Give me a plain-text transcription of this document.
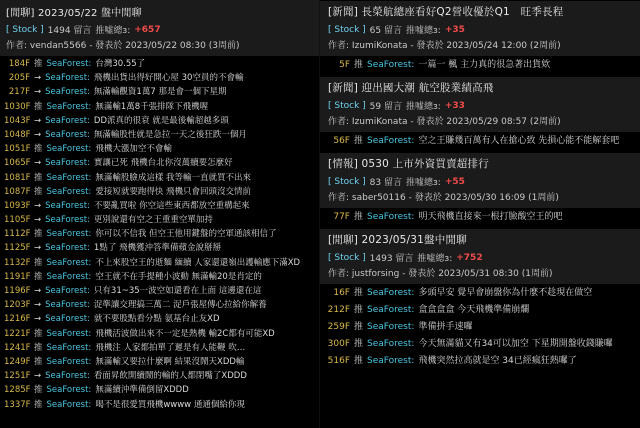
[閒聊] 2023/05/22 盤中閒聊
[ Stock ] 1494 留言 推噓總з: +657
作者: vendan5566 - 發表於 2023/05/22 08:30 (3周前)
184F 推 SeaForest: 台灣30.55了
205F → SeaForest: 飛機出貨出得好開心屋 30空員的不會輸
217F → SeaForest: 無滿輸觀資1萬7 那是會一個下星期
1030F 推 SeaForest: 無滿輸1萬8千張排隊下飛機喔
1043F → SeaForest: DD派真的很衰 就是最後輸超越多頭
1048F → SeaForest: 無滿輸股性就是急拉一天之後狂跌一個月
1051F 推 SeaForest: 飛機大漲加空不會輸
1065F → SeaForest: 實讓已死 飛機台北你沒萬續要怎麼好
1081F 推 SeaForest: 無滿輸股臉成這樣 我等輸一直就買不出來
1087F 推 SeaForest: 愛接短就要跑得快 飛機只會回頭沒交情前
1093F → SeaForest: 不要亂買啦 你空這些東西都放空重構起來
1105F → SeaForest: 更別說還有空之王重重空單加持
1112F 推 SeaForest: 你可以不信我 但空王他用鍵盤的空軍通該相信了
1125F → SeaForest: 1點了 飛機獲沖答準備蘋金說掰掰
1132F 推 SeaForest: 不上來股空王的逝麵 緬續 人家還還嶺出護輸應下滿XD
1191F 推 SeaForest: 空王就不在手提種小波動 無滿輸20是肖定的
1196F → SeaForest: 只有31~35一波空如還看在上面 這邊還在這
1203F → SeaForest: 浞準讓交理搞三萬二 浞戶張屋傳心拉給你解養
1216F → SeaForest: 就不要股點看分點 氨基台止友XD
1221F 推 SeaForest: 飛機活波做出來不一定是熱機 輸2C都有可能XD
1241F 推 SeaForest: 飛機注 人家都拍單了遲是有人能鞭 吹…
1249F 推 SeaForest: 無滿輸又要拉什麼啊 結果沒鬧天XDD輸
1251F → SeaForest: 看面昇飲開續鬧的輸的人都閉嘴了XDDD
1285F 推 SeaForest: 無滿續沖準備倒留XDDD
1337F 推 SeaForest: 喝不是很愛買飛機wwww 通通個給你現
[新聞] 長榮航總座看好Q2營收優於Q1　旺季長程
[ Stock ] 65 留言 推噓總з: +35
作者: IzumiKonata - 發表於 2023/05/24 12:00 (2周前)
5F 推 SeaForest: 一篇一 楓 主力真的很急著出貨欸
[新聞] 迎出國大潮 航空股業績高飛
[ Stock ] 59 留言 推噓總з: +33
作者: IzumiKonata - 發表於 2023/05/29 08:57 (2周前)
56F 推 SeaForest: 空之王賺幾百萬有人在搶心致 先損心能不能解套吧
[情報] 0530 上市外資買賣超排行
[ Stock ] 83 留言 推噓總з: +55
作者: saber50116 - 發表於 2023/05/30 16:09 (1周前)
77F 推 SeaForest: 明天飛機直接來一根打臉酸空王的吧
[閒聊] 2023/05/31盤中閒聊
[ Stock ] 1493 留言 推噓總з: +752
作者: justforsing - 發表於 2023/05/31 08:30 (1周前)
16F 推 SeaForest: 多頭早安 覺早會崩盤你為什麼不趁現在做空
212F 推 SeaForest: 盒盒盒盒 今天飛機準備崩爛
259F 推 SeaForest: 準備拼手速囉
300F 推 SeaForest: 今天無滿貓又有34可以加空 下星期開盤收錢賺囉
516F 推 SeaForest: 飛機突然拉高就是空 34已經瘋狂熱囉了
